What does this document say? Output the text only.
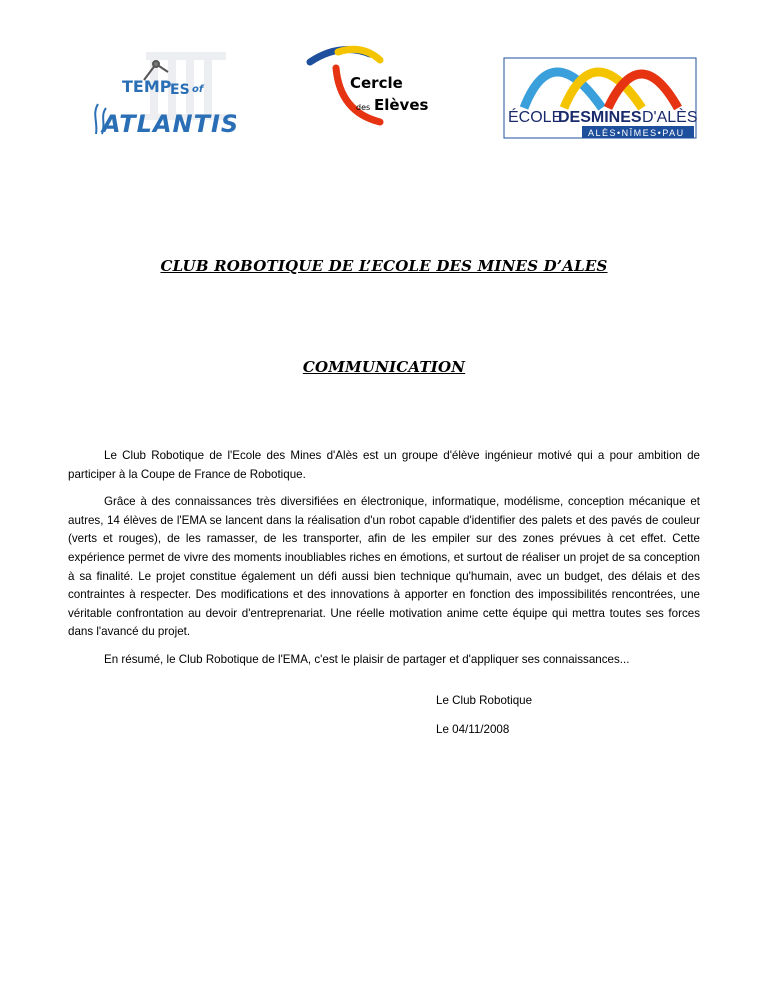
TEMP
ES of
ATLANTIS
Cercle
des Elèves
ÉCOLE
DESMINES D'ALÈS
ALÈS•NÎMES•PAU
CLUB ROBOTIQUE DE L’ECOLE DES MINES D’ALES
COMMUNICATION

Le Club Robotique de l'Ecole des Mines d'Alès est un groupe d'élève ingénieur motivé qui a pour ambition de participer à la Coupe de France de Robotique.

Grâce à des connaissances très diversifiées en électronique, informatique, modélisme, conception mécanique et autres, 14 élèves de l'EMA se lancent dans la réalisation d'un robot capable d'identifier des palets et des pavés de couleur (verts et rouges), de les ramasser, de les transporter, afin de les empiler sur des zones prévues à cet effet. Cette expérience permet de vivre des moments inoubliables riches en émotions, et surtout de réaliser un projet de sa conception à sa finalité. Le projet constitue également un défi aussi bien technique qu'humain, avec un budget, des délais et des contraintes à respecter. Des modifications et des innovations à apporter en fonction des impossibilités rencontrées, une véritable confrontation au devoir d'entreprenariat. Une réelle motivation anime cette équipe qui mettra toutes ses forces dans l'avancé du projet.

En résumé, le Club Robotique de l'EMA, c'est le plaisir de partager et d'appliquer ses connaissances...

Le Club Robotique
Le 04/11/2008
